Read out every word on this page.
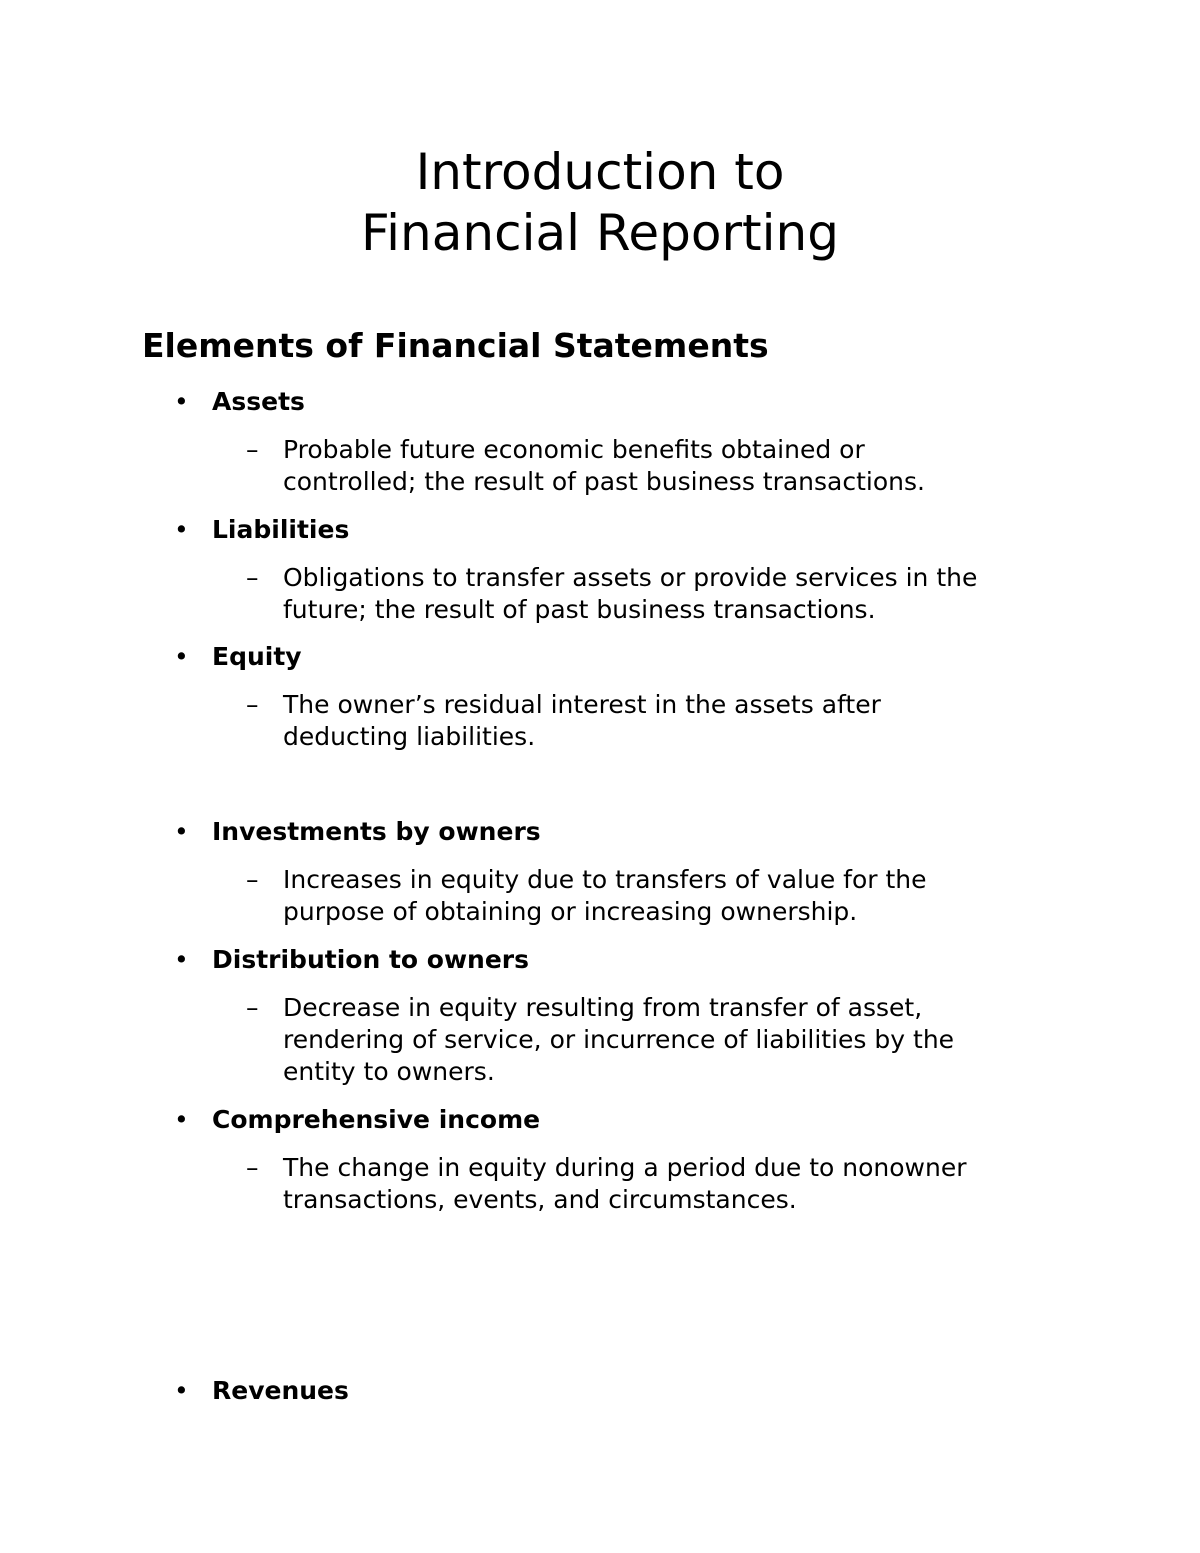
Introduction to
Financial Reporting
Elements of Financial Statements
• Assets
– Probable future economic benefits obtained or
controlled; the result of past business transactions.
• Liabilities
– Obligations to transfer assets or provide services in the
future; the result of past business transactions.
• Equity
– The owner’s residual interest in the assets after
deducting liabilities.
• Investments by owners
– Increases in equity due to transfers of value for the
purpose of obtaining or increasing ownership.
• Distribution to owners
– Decrease in equity resulting from transfer of asset,
rendering of service, or incurrence of liabilities by the
entity to owners.
• Comprehensive income
– The change in equity during a period due to nonowner
transactions, events, and circumstances.
• Revenues
